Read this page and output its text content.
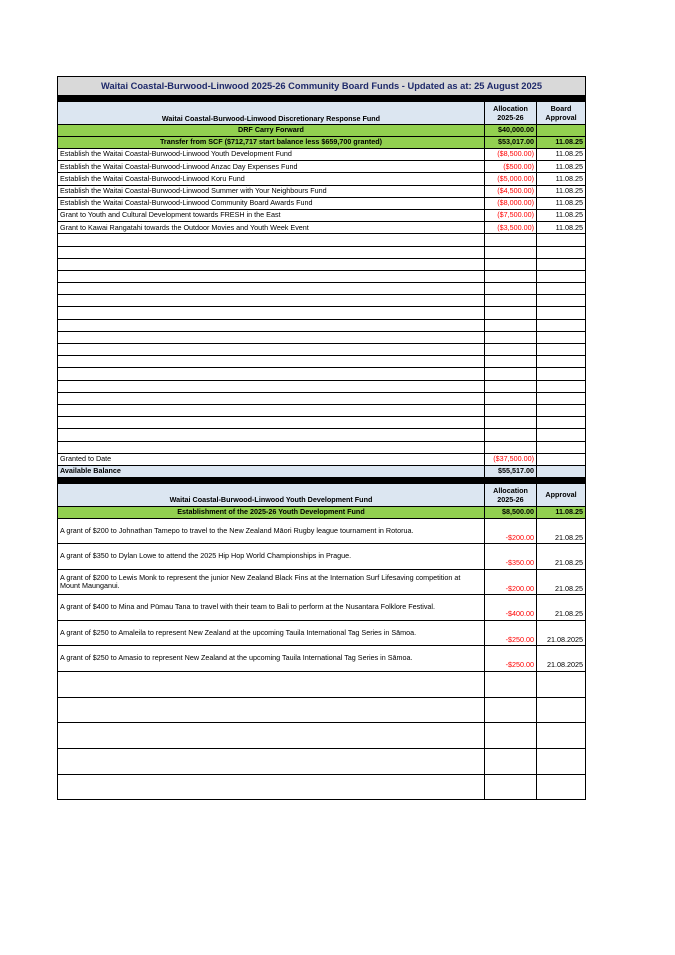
Waitai Coastal-Burwood-Linwood 2025-26 Community Board Funds - Updated as at: 25 August 2025		

Waitai Coastal-Burwood-Linwood Discretionary Response Fund	Allocation 2025-26	Board Approval
DRF Carry Forward	$40,000.00	
Transfer from SCF ($712,717 start balance less $659,700 granted)	$53,017.00	11.08.25
Establish the Waitai Coastal-Burwood-Linwood Youth Development Fund	($8,500.00)	11.08.25
Establish the Waitai Coastal-Burwood-Linwood Anzac Day Expenses Fund	($500.00)	11.08.25
Establish the Waitai Coastal-Burwood-Linwood Koru Fund	($5,000.00)	11.08.25
Establish the Waitai Coastal-Burwood-Linwood Summer with Your Neighbours Fund	($4,500.00)	11.08.25
Establish the Waitai Coastal-Burwood-Linwood Community Board Awards Fund	($8,000.00)	11.08.25
Grant to Youth and Cultural Development towards FRESH in the East	($7,500.00)	11.08.25
Grant to Kawai Rangatahi towards the Outdoor Movies and Youth Week Event	($3,500.00)	11.08.25

Granted to Date	($37,500.00)	
Available Balance	$55,517.00	

Waitai Coastal-Burwood-Linwood Youth Development Fund	Allocation 2025-26	Approval
Establishment of the 2025-26 Youth Development Fund	$8,500.00	11.08.25
A grant of $200 to Johnathan Tamepo to travel to the New Zealand Māori Rugby league tournament in Rotorua.	-$200.00	21.08.25
A grant of $350 to Dylan Lowe to attend the 2025 Hip Hop World Championships in Prague.	-$350.00	21.08.25
A grant of $200 to Lewis Monk to represent the junior New Zealand Black Fins at the Internation Surf Lifesaving competition at Mount Maunganui.	-$200.00	21.08.25
A grant of $400 to Mina and Pūmau Tana to travel with their team to Bali to perform at the Nusantara Folklore Festival.	-$400.00	21.08.25
A grant of $250 to Amaleila to represent New Zealand at the upcoming Tauila International Tag Series in Sāmoa.	-$250.00	21.08.2025
A grant of $250 to Amasio to represent New Zealand at the upcoming Tauila International Tag Series in Sāmoa.	-$250.00	21.08.2025
